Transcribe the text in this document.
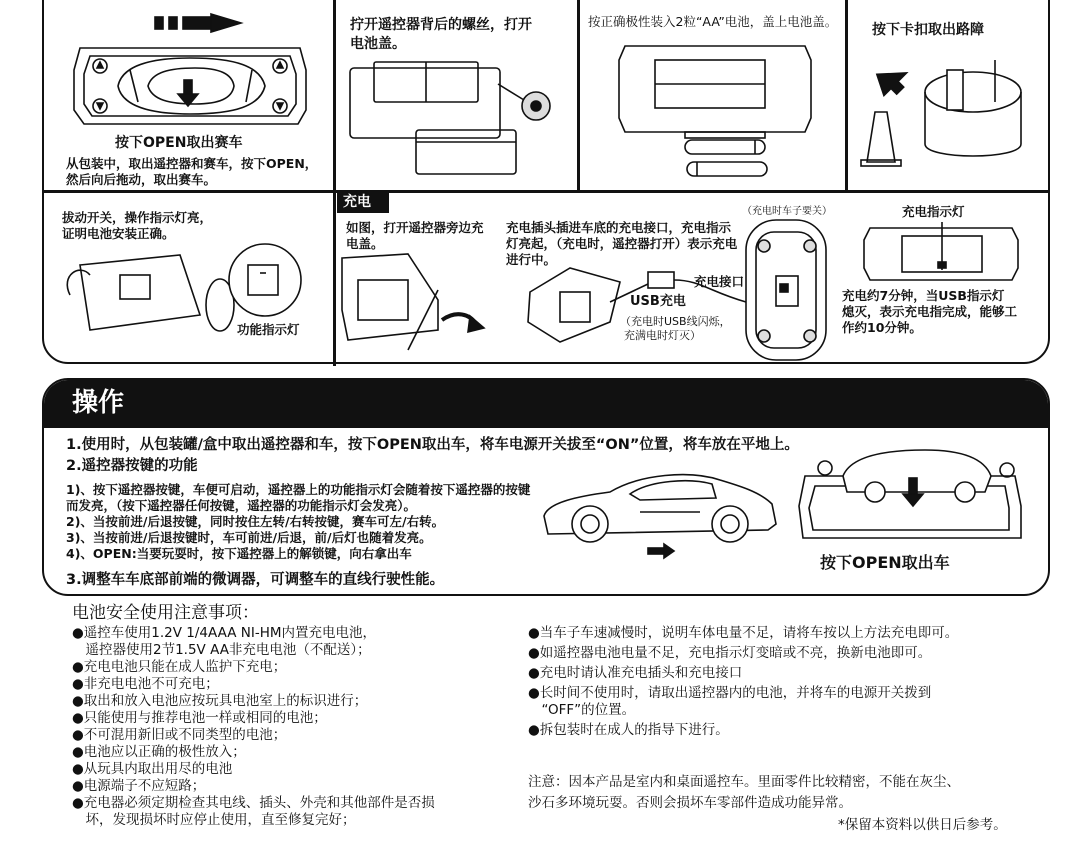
按下OPEN取出赛车
从包装中，取出遥控器和赛车，按下OPEN，
然后向后拖动，取出赛车。
拧开遥控器背后的螺丝，打开
电池盖。
按正确极性装入2粒“AA”电池，盖上电池盖。
按下卡扣取出路障
拔动开关，操作指示灯亮，
证明电池安装正确。
功能指示灯
充电
如图，打开遥控器旁边充
电盖。
充电插头插进车底的充电接口，充电指示
灯亮起，（充电时，遥控器打开）表示充电
进行中。
USB充电
（充电时USB线闪烁，
充满电时灯灭）
充电接口
（充电时车子要关）	充电指示灯
充电约7分钟，当USB指示灯
熄灭，表示充电指完成，能够工
作约10分钟。
操作
1.使用时，从包装罐/盒中取出遥控器和车，按下OPEN取出车，将车电源开关拔至“ON”位置，将车放在平地上。
2.遥控器按键的功能
1)、按下遥控器按键，车便可启动，遥控器上的功能指示灯会随着按下遥控器的按键
而发亮，（按下遥控器任何按键，遥控器的功能指示灯会发亮）。
2)、当按前进/后退按键，同时按住左转/右转按键，赛车可左/右转。
3)、当按前进/后退按键时，车可前进/后退，前/后灯也随着发亮。
4)、OPEN:当要玩耍时，按下遥控器上的解锁键，向右拿出车
3.调整车车底部前端的微调器，可调整车的直线行驶性能。
按下OPEN取出车
电池安全使用注意事项：
●遥控车使用1.2V 1/4AAA NI-HM内置充电电池，
　遥控器使用2节1.5V AA非充电电池（不配送）；
●充电电池只能在成人监护下充电；
●非充电电池不可充电；
●取出和放入电池应按玩具电池室上的标识进行；
●只能使用与推荐电池一样或相同的电池；
●不可混用新旧或不同类型的电池；
●电池应以正确的极性放入；
●从玩具内取出用尽的电池
●电源端子不应短路；
●充电器必须定期检查其电线、插头、外壳和其他部件是否损
　坏，发现损坏时应停止使用，直至修复完好；
●当车子车速减慢时，说明车体电量不足，请将车按以上方法充电即可。
●如遥控器电池电量不足，充电指示灯变暗或不亮，换新电池即可。
●充电时请认准充电插头和充电接口
●长时间不使用时，请取出遥控器内的电池，并将车的电源开关拨到
　“OFF”的位置。
●拆包装时在成人的指导下进行。
注意：因本产品是室内和桌面遥控车。里面零件比较精密，不能在灰尘、
沙石多环境玩耍。否则会损坏车零部件造成功能异常。
*保留本资料以供日后参考。
